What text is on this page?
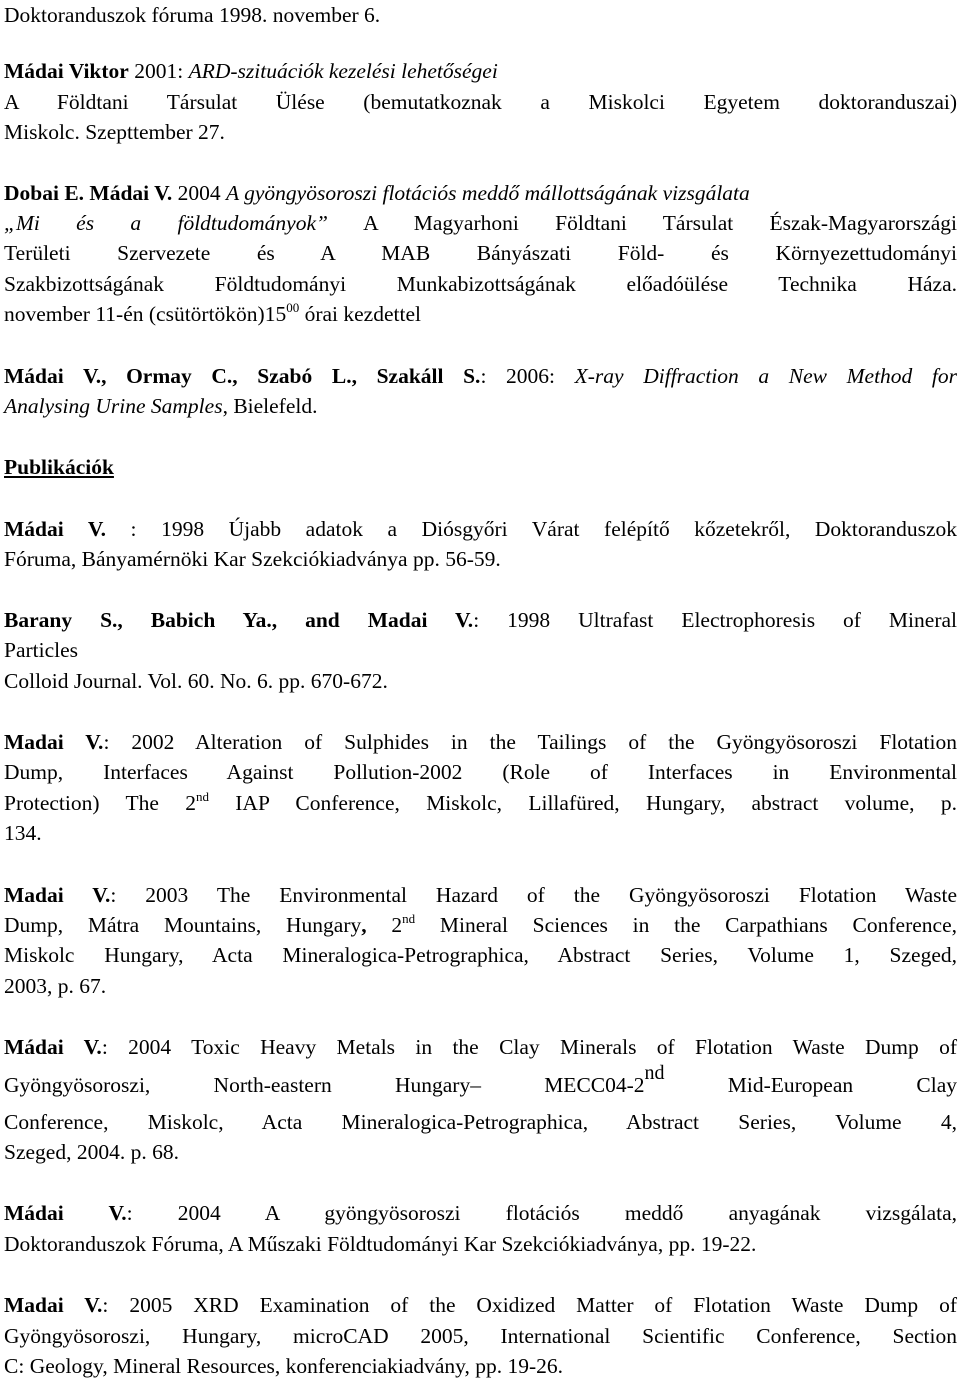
Doktoranduszok fóruma 1998. november 6.

Mádai Viktor 2001: ARD-szituációk kezelési lehetőségei

A Földtani Társulat Ülése (bemutatkoznak a Miskolci Egyetem doktoranduszai)

Miskolc. Szepttember 27.

Dobai E. Mádai V. 2004 A gyöngyösoroszi flotációs meddő mállottságának vizsgálata

„Mi és a földtudományok” A Magyarhoni Földtani Társulat Észak-Magyarországi

Területi Szervezete és A MAB Bányászati Föld- és Környezettudományi

Szakbizottságának Földtudományi Munkabizottságának előadóülése Technika Háza.

november 11-én $(csütörtökön)15^{00}$ órai kezdettel

Mádai V., Ormay C., Szabó L., Szakáll S.: 2006: X-ray Diffraction a New Method for

Analysing Urine Samples, Bielefeld.

Publikációk

Mádai V. : 1998 Újabb adatok a Diósgyőri Várat felépítő kőzetekről, Doktoranduszok

Fóruma, Bányamérnöki Kar Szekciókiadványa pp. 56-59.

Barany S., Babich Ya., and Madai V.: 1998 Ultrafast Electrophoresis of Mineral

Particles

Colloid Journal. Vol. 60. No. 6. pp. 670-672.

Madai V.: 2002 Alteration of Sulphides in the Tailings of the Gyöngyösoroszi Flotation

Dump, Interfaces Against Pollution-2002 (Role of Interfaces in Environmental

Protection) The 2nd IAP Conference, Miskolc, Lillafüred, Hungary, abstract volume, p.

134.

Madai V.: 2003 The Environmental Hazard of the Gyöngyösoroszi Flotation Waste

Dump, Mátra Mountains, Hungary, 2nd Mineral Sciences in the Carpathians Conference,

Miskolc Hungary, Acta Mineralogica-Petrographica, Abstract Series, Volume 1, Szeged,

2003, p. 67.

Mádai V.: 2004 Toxic Heavy Metals in the Clay Minerals of Flotation Waste Dump of

Gyöngyösoroszi, North-eastern Hungary– MECC04-2nd Mid-European Clay

Conference, Miskolc, Acta Mineralogica-Petrographica, Abstract Series, Volume 4,

Szeged, 2004. p. 68.

Mádai V.: 2004 A gyöngyösoroszi flotációs meddő anyagának vizsgálata,

Doktoranduszok Fóruma, A Műszaki Földtudományi Kar Szekciókiadványa, pp. 19-22.

Madai V.: 2005 XRD Examination of the Oxidized Matter of Flotation Waste Dump of

Gyöngyösoroszi, Hungary, microCAD 2005, International Scientific Conference, Section

C: Geology, Mineral Resources, konferenciakiadvány, pp. 19-26.
